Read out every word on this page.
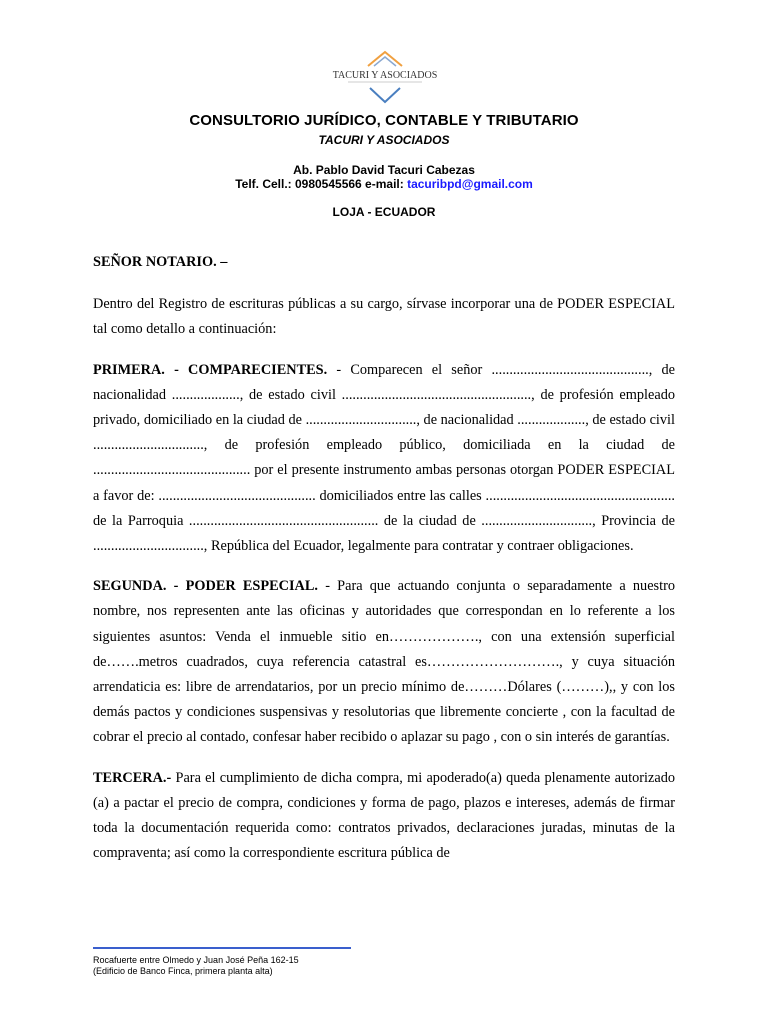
TACURI Y ASOCIADOS
CONSULTORIO JURÍDICO, CONTABLE Y TRIBUTARIO
TACURI Y ASOCIADOS
Ab. Pablo David Tacuri Cabezas
Telf. Cell.: 0980545566 e-mail: tacuribpd@gmail.com
LOJA - ECUADOR

SEÑOR NOTARIO. –

Dentro del Registro de escrituras públicas a su cargo, sírvase incorporar una de PODER ESPECIAL tal como detallo a continuación:

PRIMERA. - COMPARECIENTES. - Comparecen el señor ............................................, de nacionalidad ..................., de estado civil ....................................................., de profesión empleado privado, domiciliado en la ciudad de ..............................., de nacionalidad ..................., de estado civil ..............................., de profesión empleado público, domiciliada en la ciudad de ............................................ por el presente instrumento ambas personas otorgan PODER ESPECIAL a favor de: ............................................ domiciliados entre las calles ..................................................... de la Parroquia ..................................................... de la ciudad de ..............................., Provincia de ..............................., República del Ecuador, legalmente para contratar y contraer obligaciones.

SEGUNDA. - PODER ESPECIAL. - Para que actuando conjunta o separadamente a nuestro nombre, nos representen ante las oficinas y autoridades que correspondan en lo referente a los siguientes asuntos: Venda el inmueble sitio en………………., con una extensión superficial de…….metros cuadrados, cuya referencia catastral es………………………., y cuya situación arrendaticia es: libre de arrendatarios, por un precio mínimo de………Dólares (………),, y con los demás pactos y condiciones suspensivas y resolutorias que libremente concierte , con la facultad de cobrar el precio al contado, confesar haber recibido o aplazar su pago , con o sin interés de garantías.

TERCERA.- Para el cumplimiento de dicha compra, mi apoderado(a) queda plenamente autorizado (a) a pactar el precio de compra, condiciones y forma de pago, plazos e intereses, además de firmar toda la documentación requerida como: contratos privados, declaraciones juradas, minutas de la compraventa; así como la correspondiente escritura pública de

Rocafuerte entre Olmedo y Juan José Peña 162-15
(Edificio de Banco Finca, primera planta alta)
